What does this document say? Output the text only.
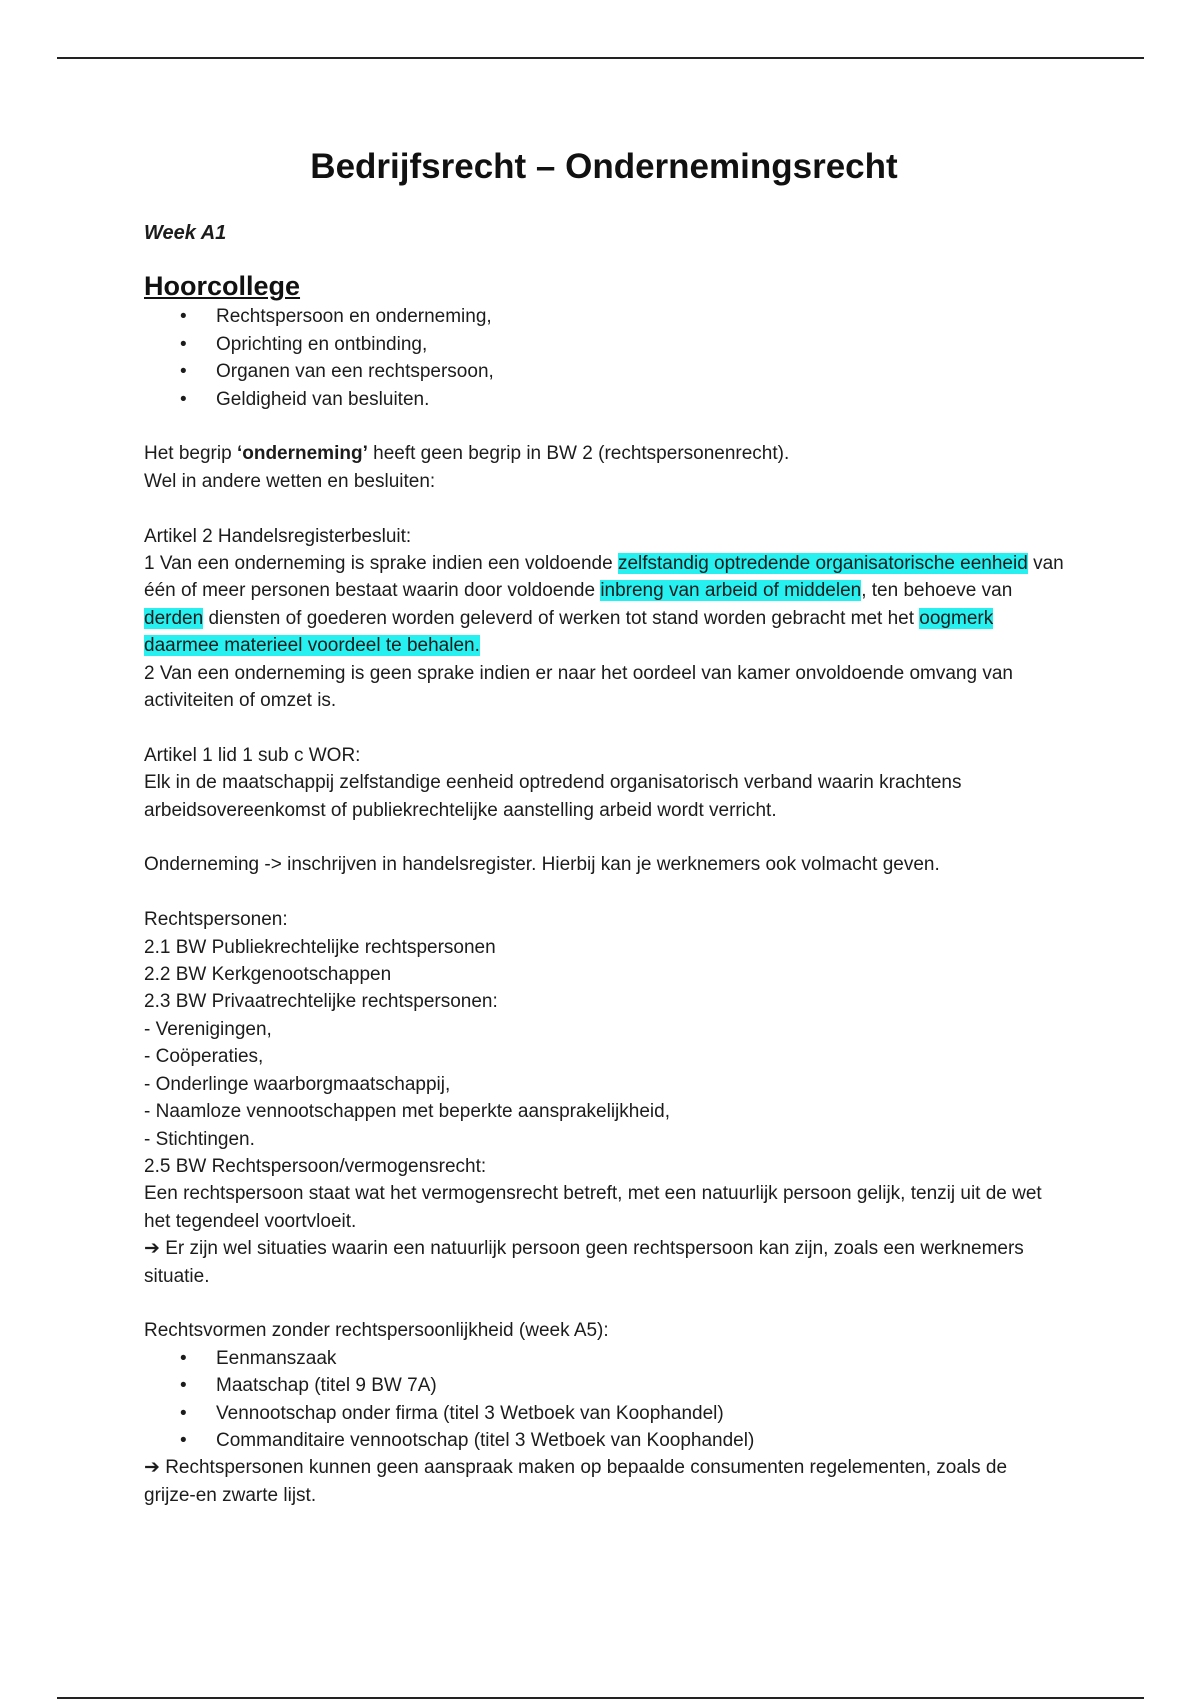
Bedrijfsrecht – Ondernemingsrecht
Week A1
Hoorcollege
• Rechtspersoon en onderneming,
• Oprichting en ontbinding,
• Organen van een rechtspersoon,
• Geldigheid van besluiten.

Het begrip ‘onderneming’ heeft geen begrip in BW 2 (rechtspersonenrecht).

Wel in andere wetten en besluiten:

Artikel 2 Handelsregisterbesluit:

1 Van een onderneming is sprake indien een voldoende zelfstandig optredende organisatorische eenheid van één of meer personen bestaat waarin door voldoende inbreng van arbeid of middelen, ten behoeve van derden diensten of goederen worden geleverd of werken tot stand worden gebracht met het oogmerk daarmee materieel voordeel te behalen.

2 Van een onderneming is geen sprake indien er naar het oordeel van kamer onvoldoende omvang van activiteiten of omzet is.

Artikel 1 lid 1 sub c WOR:

Elk in de maatschappij zelfstandige eenheid optredend organisatorisch verband waarin krachtens arbeidsovereenkomst of publiekrechtelijke aanstelling arbeid wordt verricht.

Onderneming -> inschrijven in handelsregister. Hierbij kan je werknemers ook volmacht geven.

Rechtspersonen:

2.1 BW Publiekrechtelijke rechtspersonen

2.2 BW Kerkgenootschappen

2.3 BW Privaatrechtelijke rechtspersonen:

- Verenigingen,

- Coöperaties,

- Onderlinge waarborgmaatschappij,

- Naamloze vennootschappen met beperkte aansprakelijkheid,

- Stichtingen.

2.5 BW Rechtspersoon/vermogensrecht:

Een rechtspersoon staat wat het vermogensrecht betreft, met een natuurlijk persoon gelijk, tenzij uit de wet het tegendeel voortvloeit.

➔ Er zijn wel situaties waarin een natuurlijk persoon geen rechtspersoon kan zijn, zoals een werknemers situatie.

Rechtsvormen zonder rechtspersoonlijkheid (week A5):

• Eenmanszaak
• Maatschap (titel 9 BW 7A)
• Vennootschap onder firma (titel 3 Wetboek van Koophandel)
• Commanditaire vennootschap (titel 3 Wetboek van Koophandel)

➔ Rechtspersonen kunnen geen aanspraak maken op bepaalde consumenten regelementen, zoals de grijze-en zwarte lijst.
